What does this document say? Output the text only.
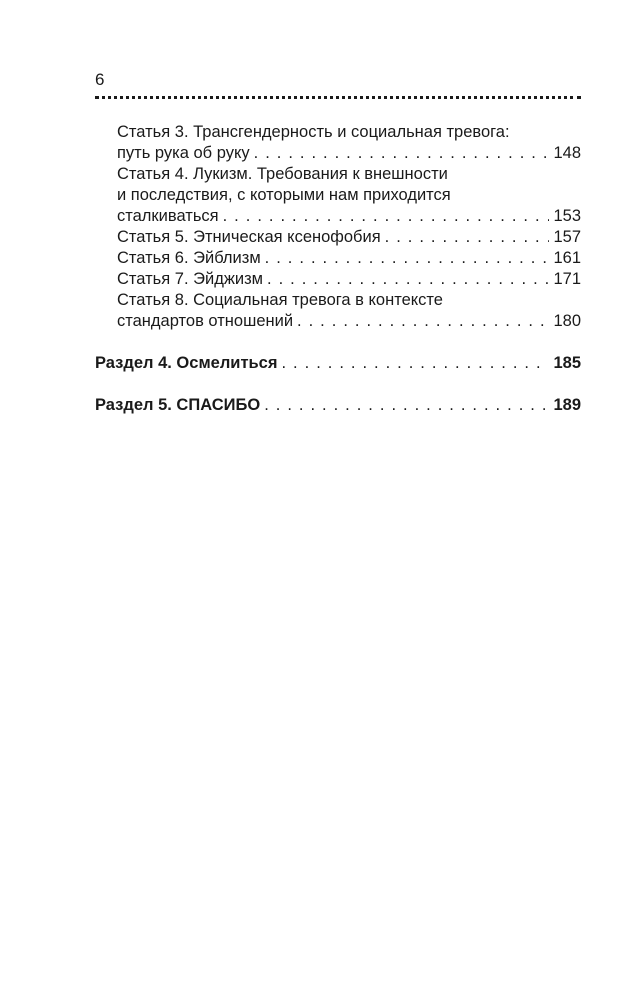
6
Статья 3. Трансгендерность и социальная тревога:
путь рука об руку . . .	148
Статья 4. Лукизм. Требования к внешности
и последствия, с которыми нам приходится
сталкиваться . . .	153
Статья 5. Этническая ксенофобия . . .	157
Статья 6. Эйблизм . . .	161
Статья 7. Эйджизм . . .	171
Статья 8. Социальная тревога в контексте
стандартов отношений . . .	180
Раздел 4. Осмелиться . . .	185
Раздел 5. СПАСИБО . . .	189
